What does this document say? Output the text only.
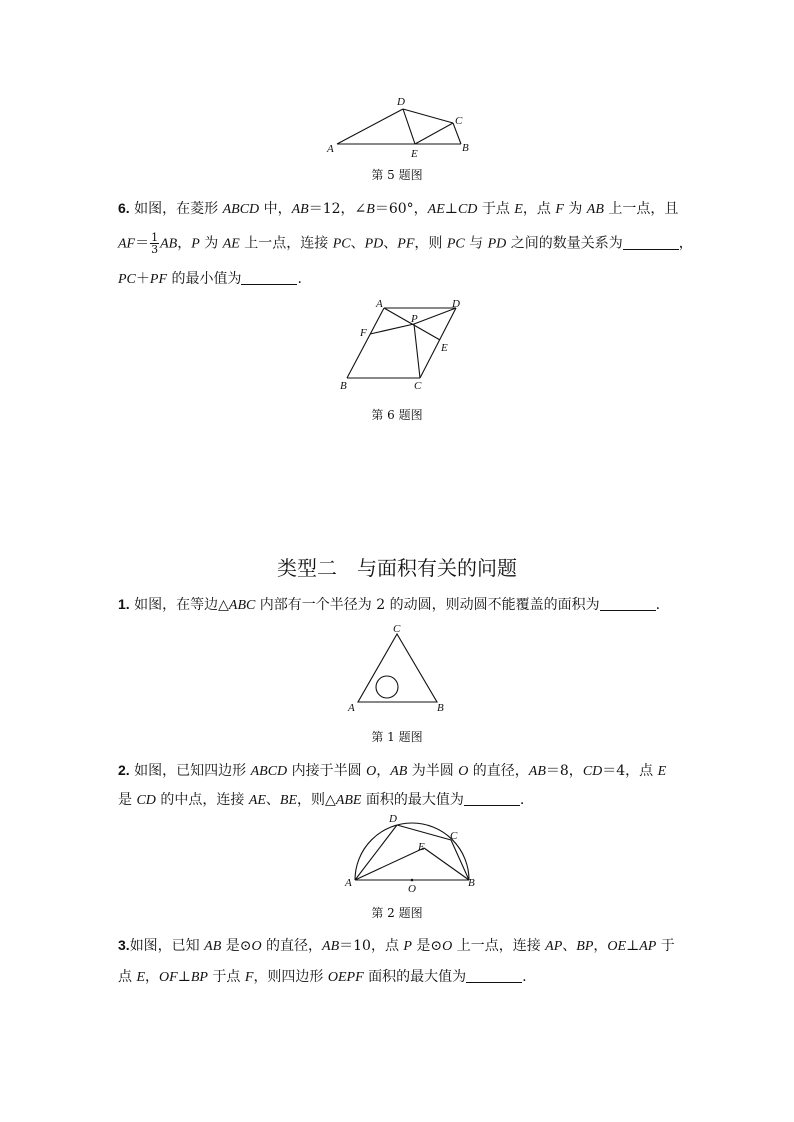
A
D
C
B
E
第 5 题图
6. 如图，在菱形 ABCD 中，AB＝12，∠B＝60°，AE⊥CD 于点 E，点 F 为 AB 上一点，且
$AF= \frac{1}{3}$ AB，P 为 AE 上一点，连接 PC、PD、PF，则 PC 与 PD 之间的数量关系为	，
PC＋PF 的最小值为	.
A	D
F
P
E
B	C
第 6 题图
类型二　与面积有关的问题
1. 如图，在等边△ABC 内部有一个半径为 2 的动圆，则动圆不能覆盖的面积为	.
C
A	B
第 1 题图
2. 如图，已知四边形 ABCD 内接于半圆 O，AB 为半圆 O 的直径，AB＝8，CD＝4，点 E
是 CD 的中点，连接 AE、BE，则△ABE 面积的最大值为	.
D
C
E
A	B
O
第 2 题图
3.如图，已知 AB 是⊙O 的直径，AB＝10，点 P 是⊙O 上一点，连接 AP、BP，OE⊥AP 于
点 E，OF⊥BP 于点 F，则四边形 OEPF 面积的最大值为	.
